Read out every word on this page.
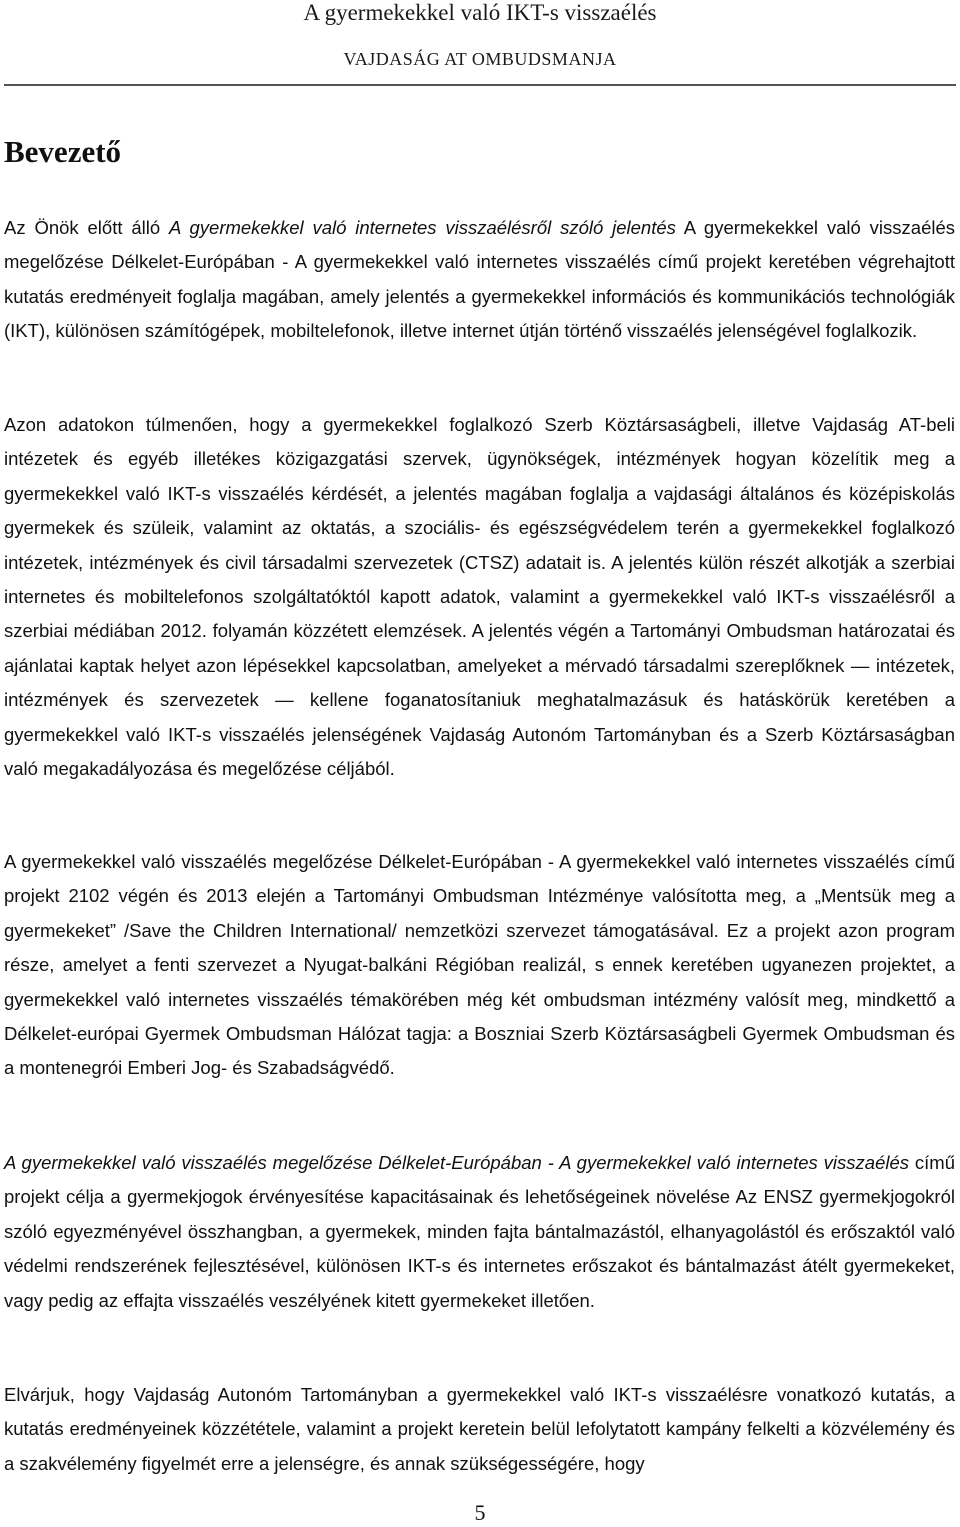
A gyermekekkel való IKT-s visszaélés
VAJDASÁG AT OMBUDSMANJA
Bevezető

Az Önök előtt álló A gyermekekkel való internetes visszaélésről szóló jelentés A gyermekekkel való visszaélés megelőzése Délkelet-Európában - A gyermekekkel való internetes visszaélés című projekt keretében végrehajtott kutatás eredményeit foglalja magában, amely jelentés a gyermekekkel információs és kommunikációs technológiák (IKT), különösen számítógépek, mobiltelefonok, illetve internet útján történő visszaélés jelenségével foglalkozik.

Azon adatokon túlmenően, hogy a gyermekekkel foglalkozó Szerb Köztársaságbeli, illetve Vajdaság AT-beli intézetek és egyéb illetékes közigazgatási szervek, ügynökségek, intézmények hogyan közelítik meg a gyermekekkel való IKT-s visszaélés kérdését, a jelentés magában foglalja a vajdasági általános és középiskolás gyermekek és szüleik, valamint az oktatás, a szociális- és egészségvédelem terén a gyermekekkel foglalkozó intézetek, intézmények és civil társadalmi szervezetek (CTSZ) adatait is. A jelentés külön részét alkotják a szerbiai internetes és mobiltelefonos szolgáltatóktól kapott adatok, valamint a gyermekekkel való IKT-s visszaélésről a szerbiai médiában 2012. folyamán közzétett elemzések. A jelentés végén a Tartományi Ombudsman határozatai és ajánlatai kaptak helyet azon lépésekkel kapcsolatban, amelyeket a mérvadó társadalmi szereplőknek — intézetek, intézmények és szervezetek — kellene foganatosítaniuk meghatalmazásuk és hatáskörük keretében a gyermekekkel való IKT-s visszaélés jelenségének Vajdaság Autonóm Tartományban és a Szerb Köztársaságban való megakadályozása és megelőzése céljából.

A gyermekekkel való visszaélés megelőzése Délkelet-Európában - A gyermekekkel való internetes visszaélés című projekt 2102 végén és 2013 elején a Tartományi Ombudsman Intézménye valósította meg, a „Mentsük meg a gyermekeket” /Save the Children International/ nemzetközi szervezet támogatásával. Ez a projekt azon program része, amelyet a fenti szervezet a Nyugat-balkáni Régióban realizál, s ennek keretében ugyanezen projektet, a gyermekekkel való internetes visszaélés témakörében még két ombudsman intézmény valósít meg, mindkettő a Délkelet-európai Gyermek Ombudsman Hálózat tagja: a Boszniai Szerb Köztársaságbeli Gyermek Ombudsman és a montenegrói Emberi Jog- és Szabadságvédő.

A gyermekekkel való visszaélés megelőzése Délkelet-Európában - A gyermekekkel való internetes visszaélés című projekt célja a gyermekjogok érvényesítése kapacitásainak és lehetőségeinek növelése Az ENSZ gyermekjogokról szóló egyezményével összhangban, a gyermekek, minden fajta bántalmazástól, elhanyagolástól és erőszaktól való védelmi rendszerének fejlesztésével, különösen IKT-s és internetes erőszakot és bántalmazást átélt gyermekeket, vagy pedig az effajta visszaélés veszélyének kitett gyermekeket illetően.

Elvárjuk, hogy Vajdaság Autonóm Tartományban a gyermekekkel való IKT-s visszaélésre vonatkozó kutatás, a kutatás eredményeinek közzététele, valamint a projekt keretein belül lefolytatott kampány felkelti a közvélemény és a szakvélemény figyelmét erre a jelenségre, és annak szükségességére, hogy

5
